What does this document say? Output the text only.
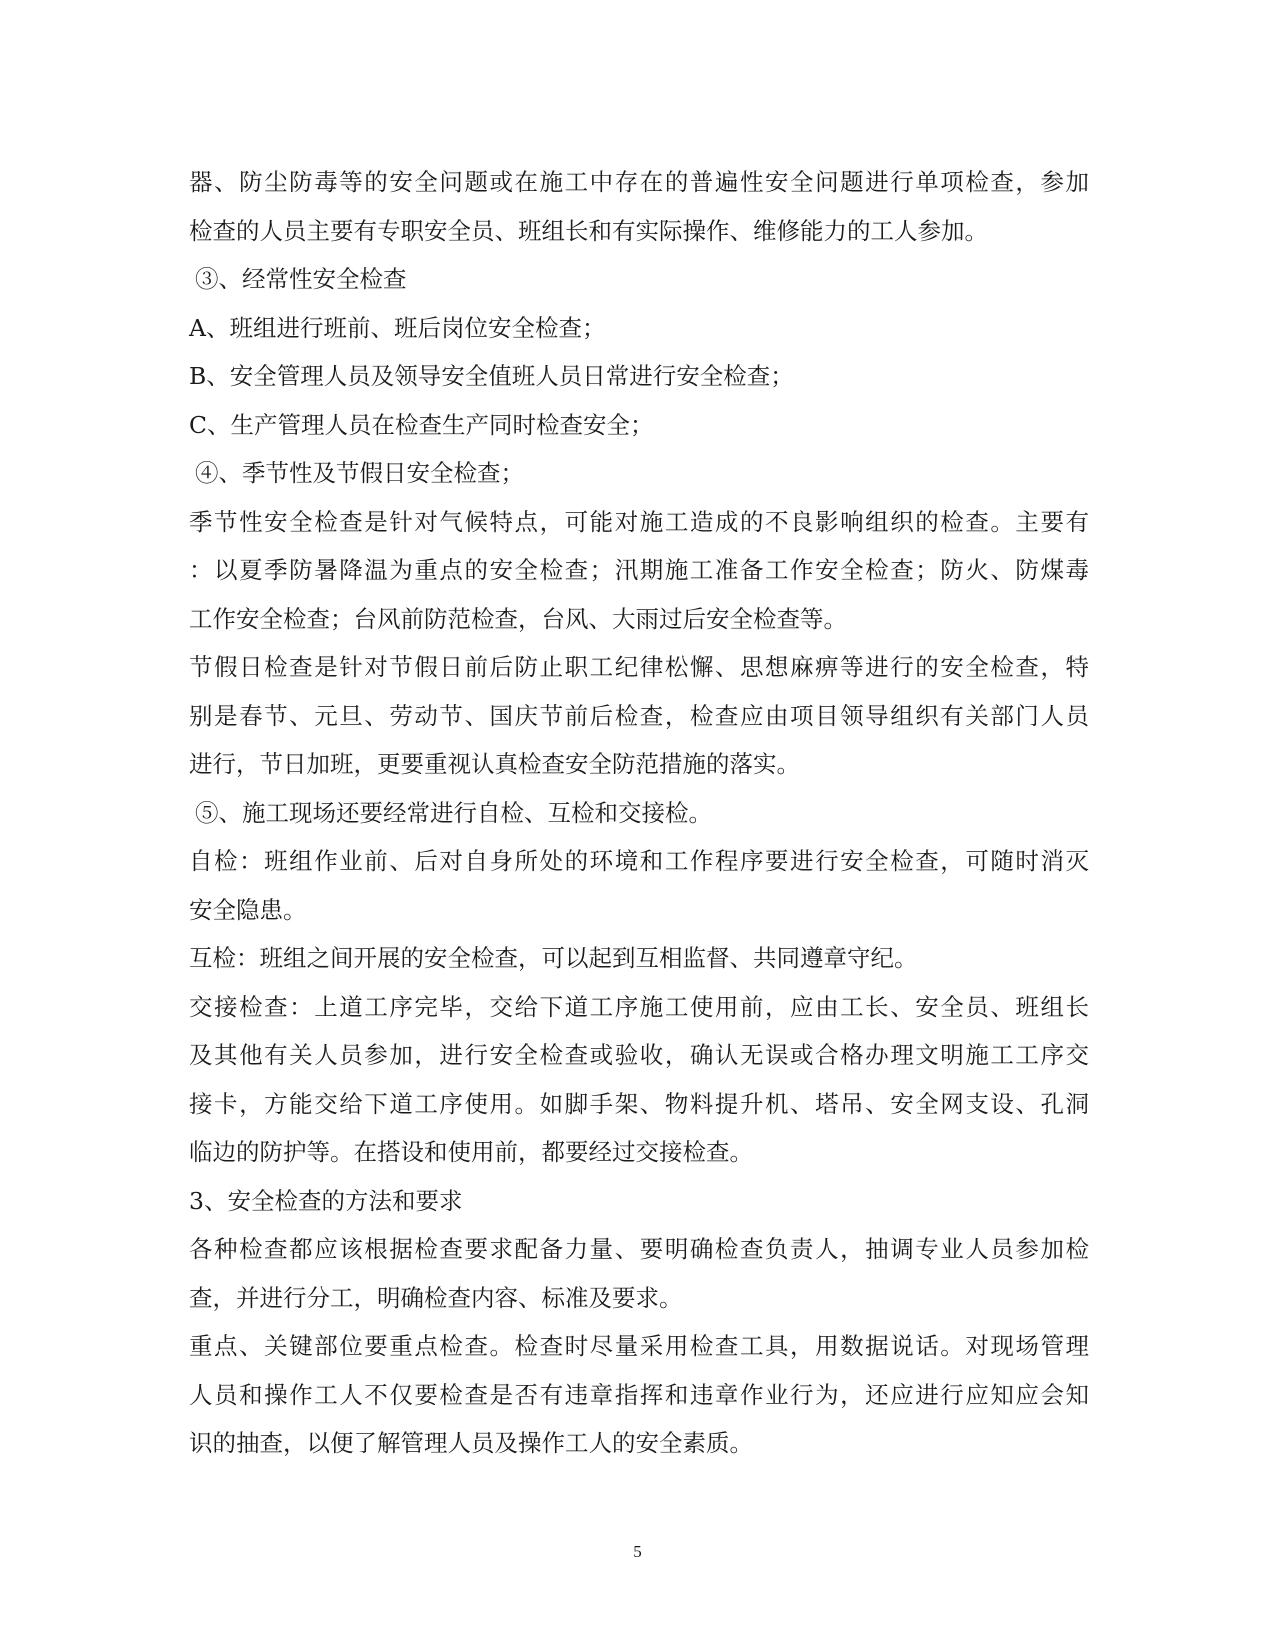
器、防尘防毒等的安全问题或在施工中存在的普遍性安全问题进行单项检查，参加
检查的人员主要有专职安全员、班组长和有实际操作、维修能力的工人参加。
③、经常性安全检查
A、班组进行班前、班后岗位安全检查；
B、安全管理人员及领导安全值班人员日常进行安全检查；
C、生产管理人员在检查生产同时检查安全；
④、季节性及节假日安全检查；
季节性安全检查是针对气候特点，可能对施工造成的不良影响组织的检查。主要有
：以夏季防暑降温为重点的安全检查；汛期施工准备工作安全检查；防火、防煤毒
工作安全检查；台风前防范检查，台风、大雨过后安全检查等。
节假日检查是针对节假日前后防止职工纪律松懈、思想麻痹等进行的安全检查，特
别是春节、元旦、劳动节、国庆节前后检查，检查应由项目领导组织有关部门人员
进行，节日加班，更要重视认真检查安全防范措施的落实。
⑤、施工现场还要经常进行自检、互检和交接检。
自检：班组作业前、后对自身所处的环境和工作程序要进行安全检查，可随时消灭
安全隐患。
互检：班组之间开展的安全检查，可以起到互相监督、共同遵章守纪。
交接检查：上道工序完毕，交给下道工序施工使用前，应由工长、安全员、班组长
及其他有关人员参加，进行安全检查或验收，确认无误或合格办理文明施工工序交
接卡，方能交给下道工序使用。如脚手架、物料提升机、塔吊、安全网支设、孔洞
临边的防护等。在搭设和使用前，都要经过交接检查。
3、安全检查的方法和要求
各种检查都应该根据检查要求配备力量、要明确检查负责人，抽调专业人员参加检
查，并进行分工，明确检查内容、标准及要求。
重点、关键部位要重点检查。检查时尽量采用检查工具，用数据说话。对现场管理
人员和操作工人不仅要检查是否有违章指挥和违章作业行为，还应进行应知应会知
识的抽查，以便了解管理人员及操作工人的安全素质。
5
